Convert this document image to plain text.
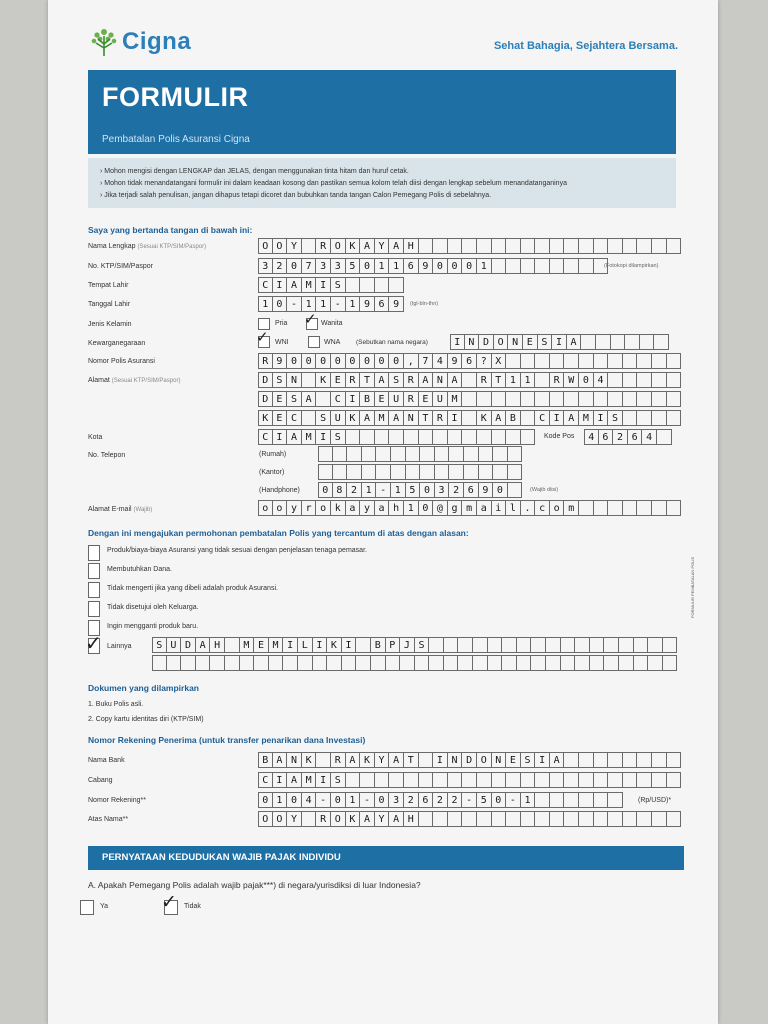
Cigna	Sehat Bahagia, Sejahtera Bersama.
FORMULIR
Pembatalan Polis Asuransi Cigna
› Mohon mengisi dengan LENGKAP dan JELAS, dengan menggunakan tinta hitam dan huruf cetak.
› Mohon tidak menandatangani formulir ini dalam keadaan kosong dan pastikan semua kolom telah diisi dengan lengkap sebelum menandatanganinya
› Jika terjadi salah penulisan, jangan dihapus tetapi dicoret dan bubuhkan tanda tangan Calon Pemegang Polis di sebelahnya.
Saya yang bertanda tangan di bawah ini:
Nama Lengkap (Sesuai KTP/SIM/Paspor)	O O Y	R O K A Y A H
No. KTP/SIM/Paspor	3 2 0 7 3 3 5 0 1 1 6 9 0 0 0 1	(Fotokopi dilampirkan)
Tempat Lahir	C I A M I S
Tanggal Lahir	1 0 - 1 1 - 1 9 6 9	(tgl-bln-thn)
Jenis Kelamin	Pria ✓ Wanita
Kewarganegaraan	✓ WNI	WNA (Sebutkan nama negara)	I N D O N E S I A
Nomor Polis Asuransi	R 9 0 0 0 0 0 0 0 0 , 7 4 9 6 ? X
Alamat (Sesuai KTP/SIM/Paspor)	D S N	K E R T A S R A N A	R T 1 1	R W 0 4
D E S A	C I B E U R E U M
K E C	S U K A M A N T R I	K A B	C I A M I S
Kota	C I A M I S	Kode Pos	4 6 2 6 4
No. Telepon	(Rumah)
(Kantor)
(Handphone)	0 8 2 1 - 1 5 0 3 2 6 9 0	(Wajib diisi)
Alamat E-mail (Wajib)	o o y r o k a y a h 1 0 @ g m a i l . c o m
Dengan ini mengajukan permohonan pembatalan Polis yang tercantum di atas dengan alasan:
Produk/biaya-biaya Asuransi yang tidak sesuai dengan penjelasan tenaga pemasar.
Membutuhkan Dana.
Tidak mengerti jika yang dibeli adalah produk Asuransi.
Tidak disetujui oleh Keluarga.
Ingin mengganti produk baru.
✓ Lainnya	S U D A H	M E M I L I K I	B P J S
Dokumen yang dilampirkan
1. Buku Polis asli.
2. Copy kartu identitas diri (KTP/SIM)
Nomor Rekening Penerima (untuk transfer penarikan dana Investasi)
Nama Bank	B A N K	R A K Y A T	I N D O N E S I A
Cabang	C I A M I S
Nomor Rekening**	0 1 0 4 - 0 1 - 0 3 2 6 2 2 - 5 0 - 1	(Rp/USD)*
Atas Nama**	O O Y	R O K A Y A H
PERNYATAAN KEDUDUKAN WAJIB PAJAK INDIVIDU
A. Apakah Pemegang Polis adalah wajib pajak***) di negara/yurisdiksi di luar Indonesia?
Ya	✓ Tidak
FORMULIR PEMBATALAN POLIS
